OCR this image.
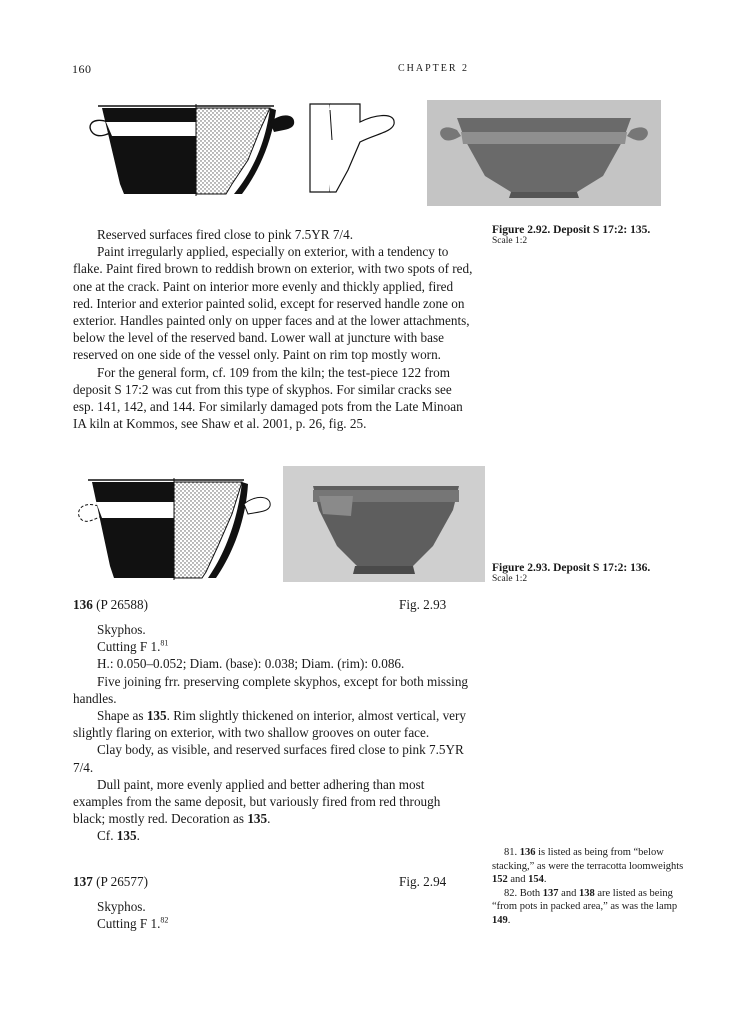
160	CHAPTER 2
Figure 2.92. Deposit S 17:2: 135.
Scale 1:2

Reserved surfaces fired close to pink 7.5YR 7/4.

Paint irregularly applied, especially on exterior, with a tendency to flake. Paint fired brown to reddish brown on exterior, with two spots of red, one at the crack. Paint on interior more evenly and thickly applied, fired red. Interior and exterior painted solid, except for reserved handle zone on exterior. Handles painted only on upper faces and at the lower attachments, below the level of the reserved band. Lower wall at juncture with base reserved on one side of the vessel only. Paint on rim top mostly worn.

For the general form, cf. 109 from the kiln; the test-piece 122 from deposit S 17:2 was cut from this type of skyphos. For similar cracks see esp. 141, 142, and 144. For similarly damaged pots from the Late Minoan IA kiln at Kommos, see Shaw et al. 2001, p. 26, fig. 25.

Figure 2.93. Deposit S 17:2: 136.
Scale 1:2
136 (P 26588)	Fig. 2.93

Skyphos.

Cutting F 1.81

H.: 0.050–0.052; Diam. (base): 0.038; Diam. (rim): 0.086.

Five joining frr. preserving complete skyphos, except for both missing handles.

Shape as 135. Rim slightly thickened on interior, almost vertical, very slightly flaring on exterior, with two shallow grooves on outer face.

Clay body, as visible, and reserved surfaces fired close to pink 7.5YR 7/4.

Dull paint, more evenly applied and better adhering than most examples from the same deposit, but variously fired from red through black; mostly red. Decoration as 135.

Cf. 135.

137 (P 26577)	Fig. 2.94

Skyphos.

Cutting F 1.82

81. 136 is listed as being from “below stacking,” as were the terracotta loomweights 152 and 154.

82. Both 137 and 138 are listed as being “from pots in packed area,” as was the lamp 149.
